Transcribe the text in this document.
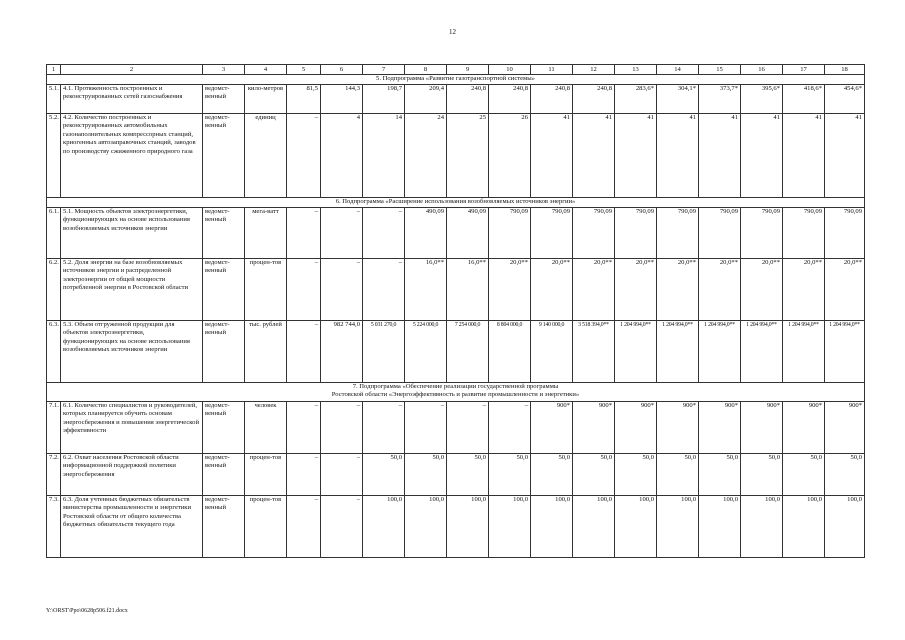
12
1	2	3	4	5	6	7	8	9	10	11	12	13	14	15	16	17	18

5. Подпрограмма «Развитие газотранспортной системы»																	

5.1.	4.1. Протяженность построенных и реконструированных сетей газоснабжения	ведомст-венный	кило-метров	81,5	144,3	198,7	209,4	240,8	240,8	240,8	240,8	283,6*	304,1*	373,7*	395,6*	418,6*	454,6*
5.2.	4.2. Количество построенных и реконструированных автомобильных газонаполнительных компрессорных станций, криогенных автозаправочных станций, заводов по производству сжиженного природного газа	ведомст-венный	единиц	–	4	14	24	25	26	41	41	41	41	41	41	41	41

6. Подпрограмма «Расширение использования возобновляемых источников энергии»																	

6.1.	5.1. Мощность объектов электроэнергетики, функционирующих на основе использования возобновляемых источников энергии	ведомст-венный	мега-ватт	–	–	–	490,09	490,09	790,09	790,09	790,09	790,09	790,09	790,09	790,09	790,09	790,09
6.2.	5.2. Доля энергии на базе возобновляемых источников энергии и распределенной электроэнергии от общей мощности потребленной энергии в Ростовской области	ведомст-венный	процен-тов	–	–	–	16,0**	16,0**	20,0**	20,0**	20,0**	20,0**	20,0**	20,0**	20,0**	20,0**	20,0**
6.3.	5.3. Объем отгруженной продукции для объектов электроэнергетики, функционирующих на основе использования возобновляемых источников энергии	ведомст-венный	тыс. рублей	–	982 744,0	5 031 270,0	5 224 000,0	7 254 000,0	8 804 000,0	9 140 000,0	3 518 394,0**	1 204 994,0**	1 204 994,0**	1 204 994,0**	1 204 994,0**	1 204 994,0**	1 204 994,0**

7. Подпрограмма «Обеспечение реализации государственной программы
Ростовской области «Энергоэффективность и развитие промышленности и энергетики»																	

7.1.	6.1. Количество специалистов и руководителей, которых планируется обучить основам энергосбережения и повышения энергетической эффективности	ведомст-венный	человек	–	–	–	–	–	–	900*	900*	900*	900*	900*	900*	900*	900*
7.2.	6.2. Охват населения Ростовской области информационной поддержкой политики энергосбережения	ведомст-венный	процен-тов	–	–	50,0	50,0	50,0	50,0	50,0	50,0	50,0	50,0	50,0	50,0	50,0	50,0
7.3.	6.3. Доля учтенных бюджетных обязательств министерства промышленности и энергетики Ростовской области от общего количества бюджетных обязательств текущего года	ведомст-венный	процен-тов	–	–	100,0	100,0	100,0	100,0	100,0	100,0	100,0	100,0	100,0	100,0	100,0	100,0
Y:\ORST\Ppo\0628p506.f21.docx
